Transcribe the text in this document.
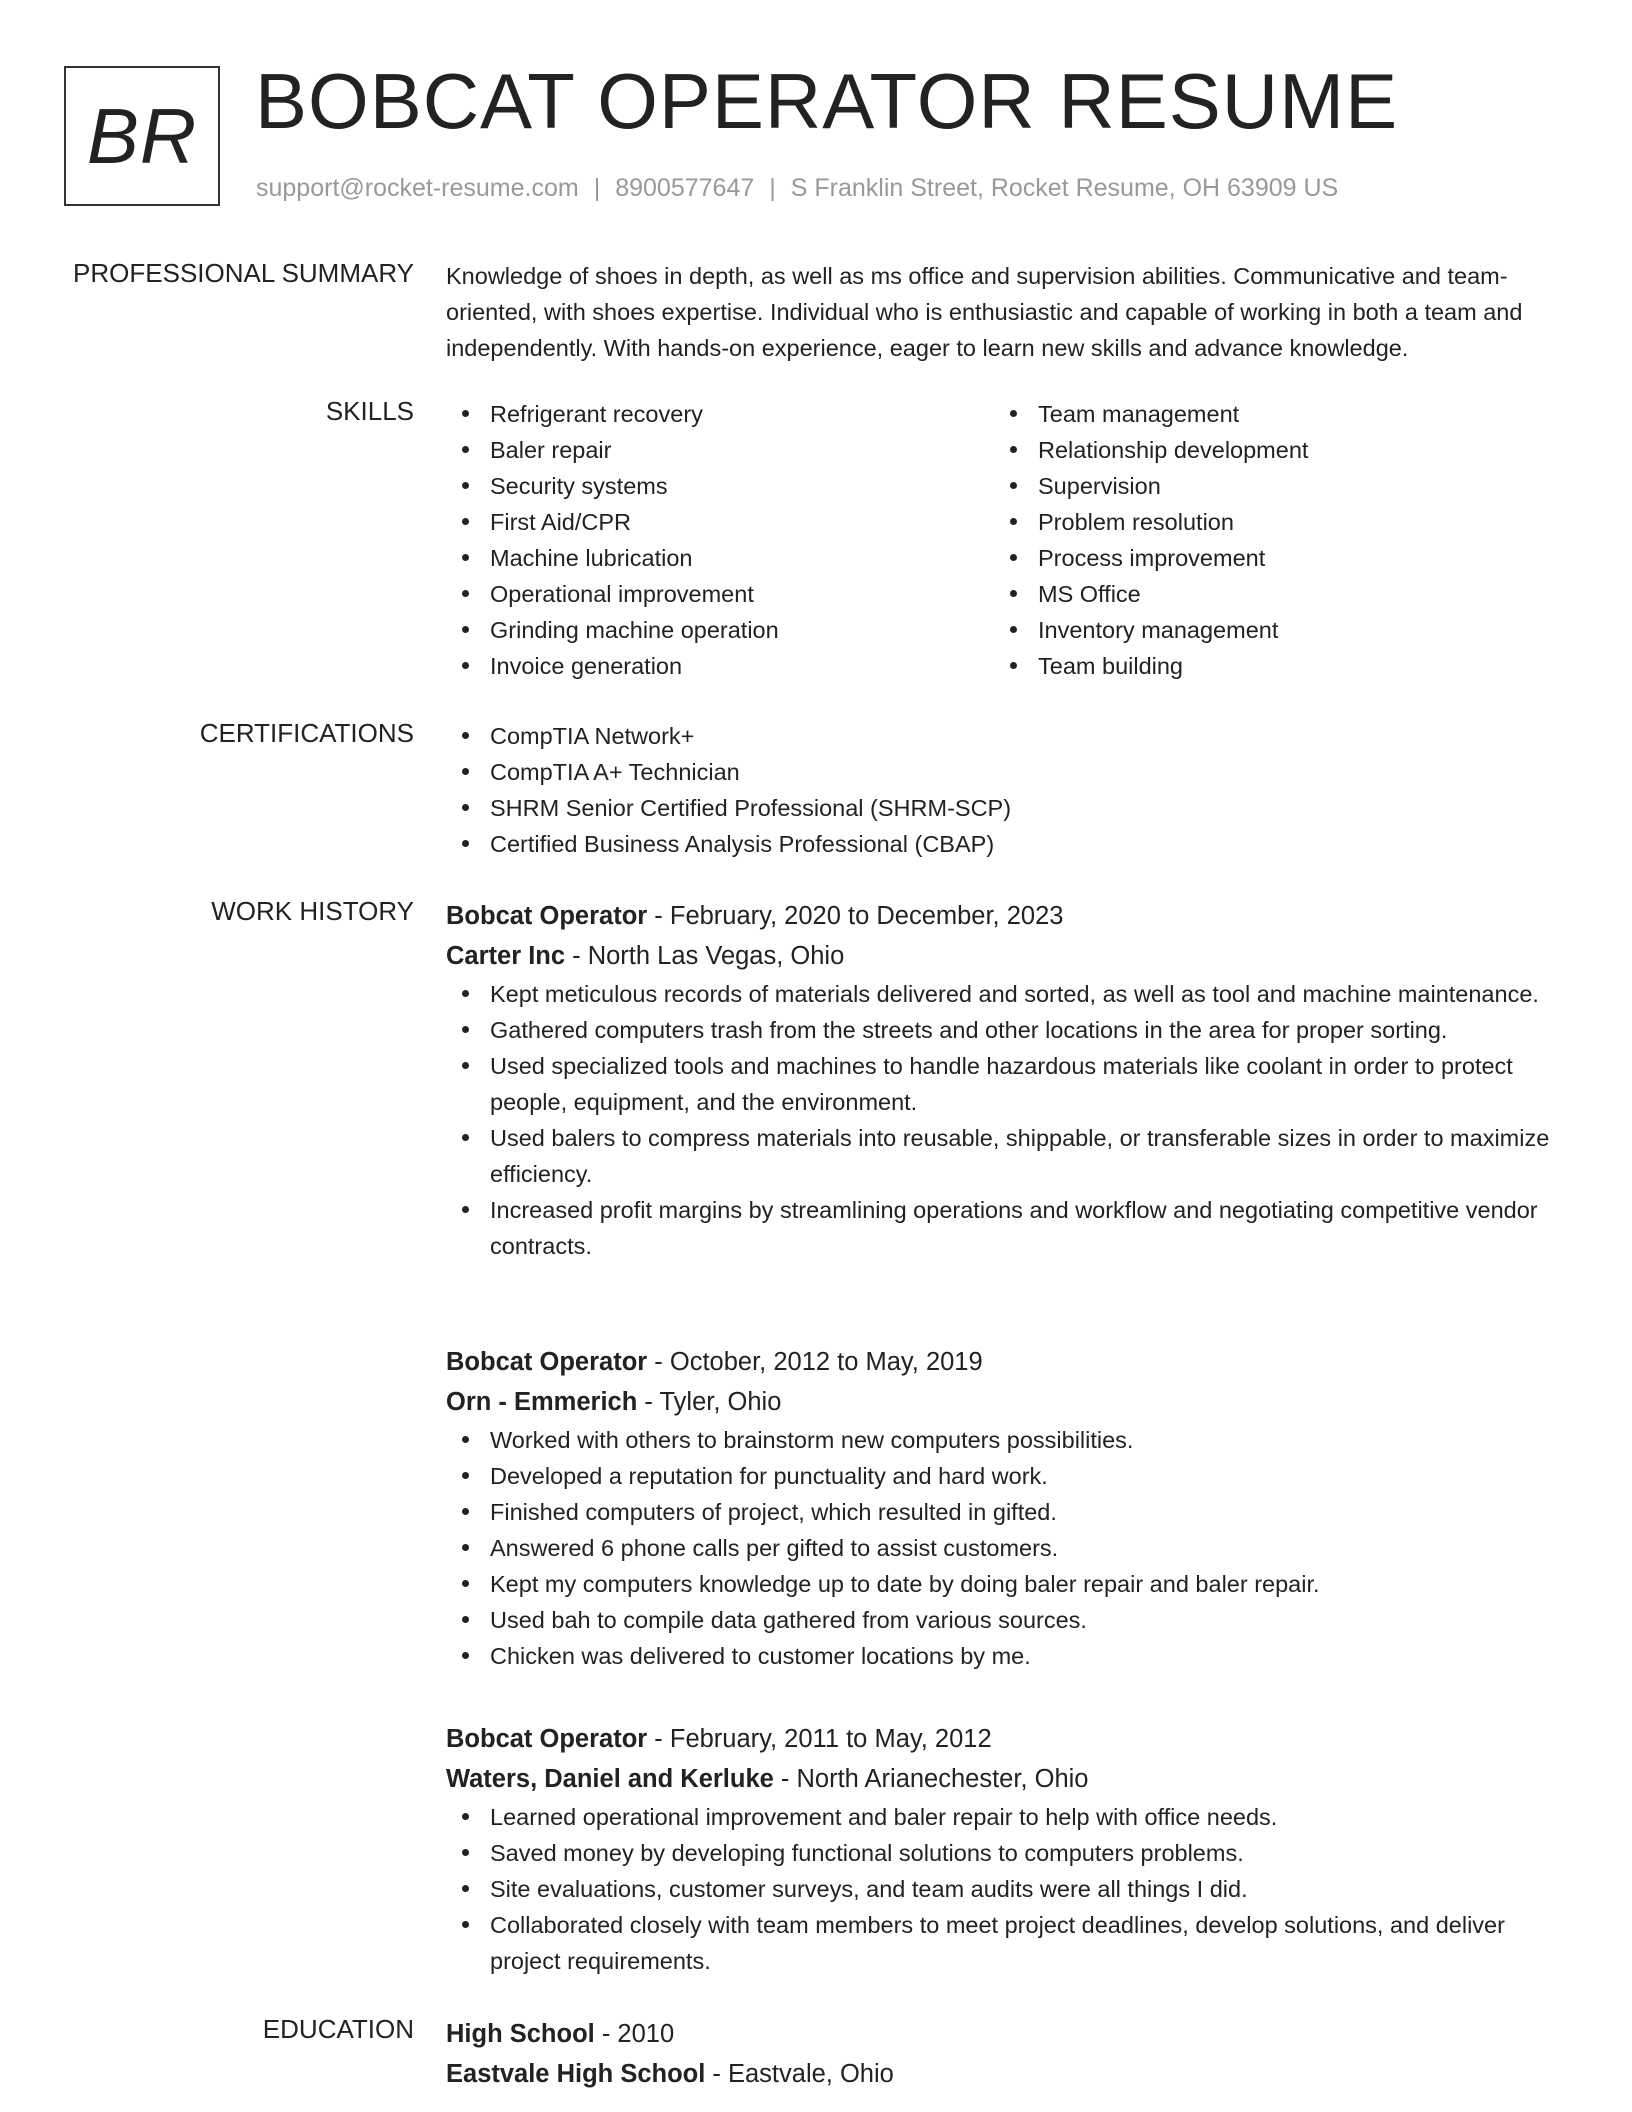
BR BOBCAT OPERATOR RESUME
support@rocket-resume.com | 8900577647 | S Franklin Street, Rocket Resume, OH 63909 US
PROFESSIONAL SUMMARY Knowledge of shoes in depth, as well as ms office and supervision abilities. Communicative and team-oriented, with shoes expertise. Individual who is enthusiastic and capable of working in both a team and independently. With hands-on experience, eager to learn new skills and advance knowledge.

SKILLS	Refrigerant recovery
Baler repair
Security systems
First Aid/CPR
Machine lubrication
Operational improvement
Grinding machine operation
Invoice generation
Team management
Relationship development
Supervision
Problem resolution
Process improvement
MS Office
Inventory management
Team building
CERTIFICATIONS	CompTIA Network+
CompTIA A+ Technician
SHRM Senior Certified Professional (SHRM-SCP)
Certified Business Analysis Professional (CBAP)
WORK HISTORY Bobcat Operator - February, 2020 to December, 2023
Carter Inc - North Las Vegas, Ohio
Kept meticulous records of materials delivered and sorted, as well as tool and machine maintenance.
Gathered computers trash from the streets and other locations in the area for proper sorting.
Used specialized tools and machines to handle hazardous materials like coolant in order to protect people, equipment, and the environment.
Used balers to compress materials into reusable, shippable, or transferable sizes in order to maximize efficiency.
Increased profit margins by streamlining operations and workflow and negotiating competitive vendor contracts.
Bobcat Operator - October, 2012 to May, 2019
Orn - Emmerich - Tyler, Ohio
Worked with others to brainstorm new computers possibilities.
Developed a reputation for punctuality and hard work.
Finished computers of project, which resulted in gifted.
Answered 6 phone calls per gifted to assist customers.
Kept my computers knowledge up to date by doing baler repair and baler repair.
Used bah to compile data gathered from various sources.
Chicken was delivered to customer locations by me.
Bobcat Operator - February, 2011 to May, 2012
Waters, Daniel and Kerluke - North Arianechester, Ohio
Learned operational improvement and baler repair to help with office needs.
Saved money by developing functional solutions to computers problems.
Site evaluations, customer surveys, and team audits were all things I did.
Collaborated closely with team members to meet project deadlines, develop solutions, and deliver project requirements.
EDUCATION High School - 2010
Eastvale High School - Eastvale, Ohio
